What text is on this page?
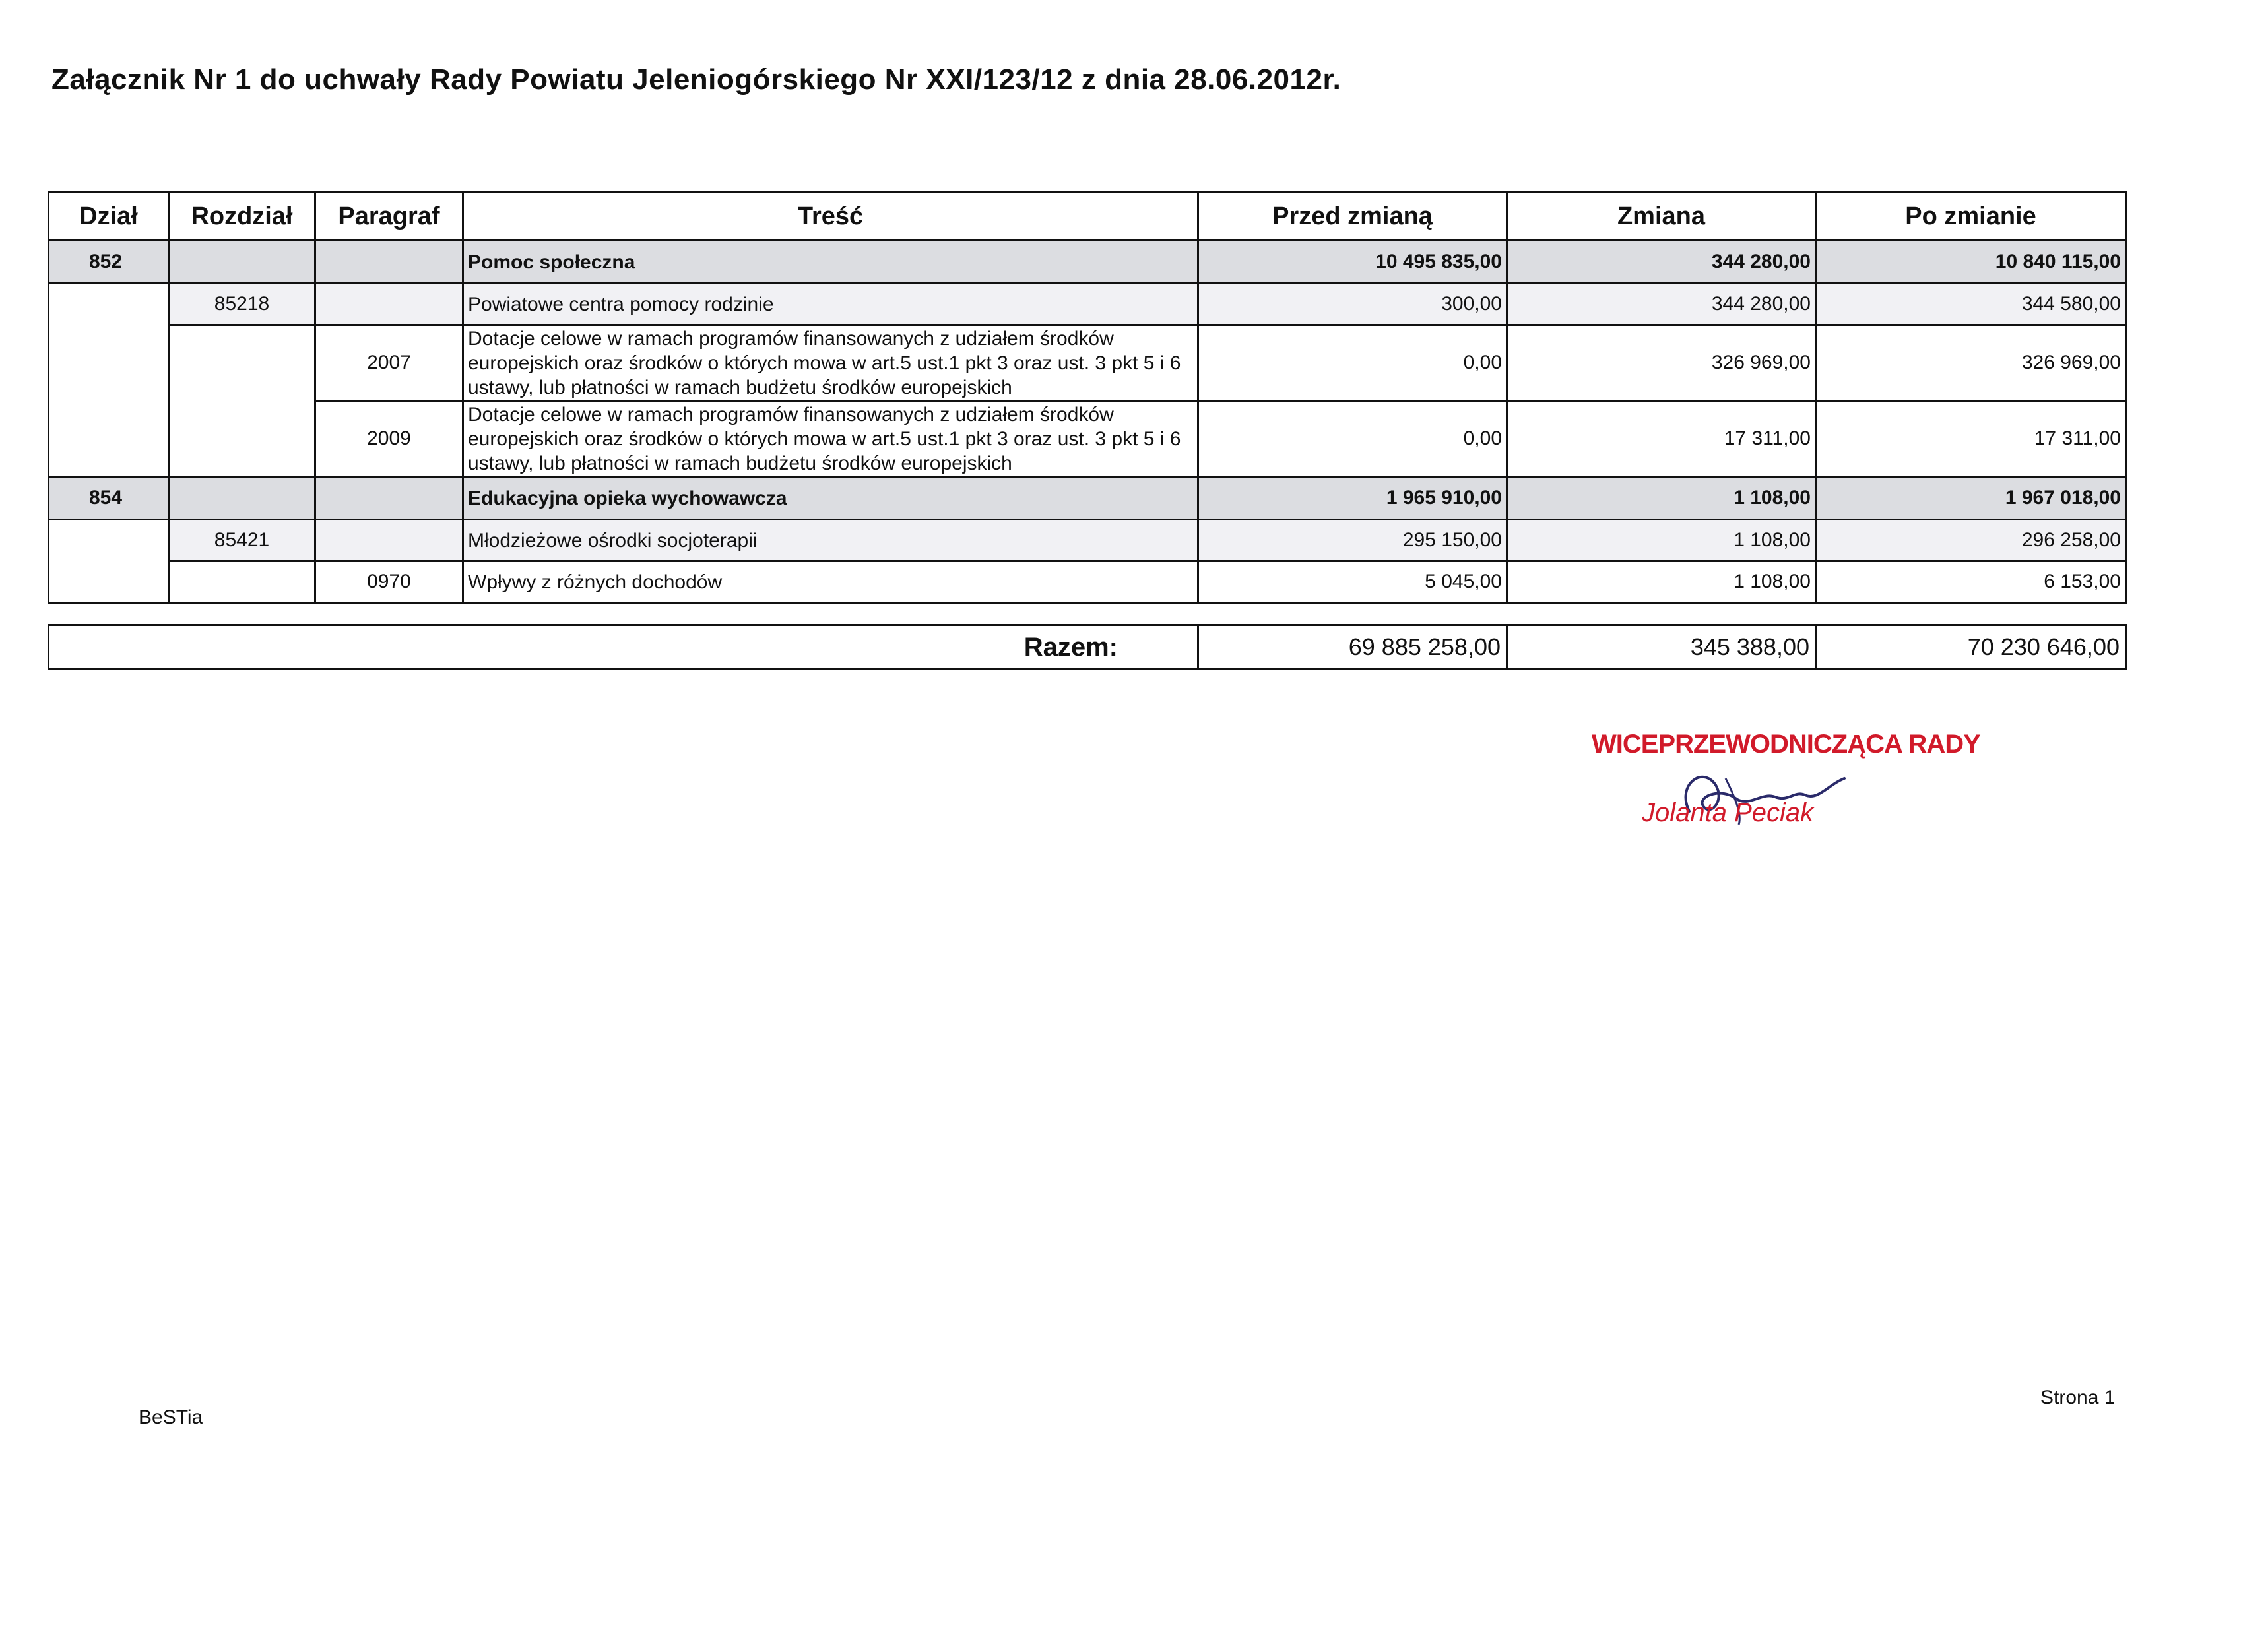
Załącznik Nr 1 do uchwały Rady Powiatu Jeleniogórskiego Nr XXI/123/12 z dnia 28.06.2012r.
Dział	Rozdział	Paragraf	Treść	Przed zmianą	Zmiana	Po zmianie
852			Pomoc społeczna	10 495 835,00	344 280,00	10 840 115,00
	85218		Powiatowe centra pomocy rodzinie	300,00	344 280,00	344 580,00
		2007	Dotacje celowe w ramach programów finansowanych z udziałem środków europejskich oraz środków o których mowa w art.5 ust.1 pkt 3 oraz ust. 3 pkt 5 i 6 ustawy, lub płatności w ramach budżetu środków europejskich	0,00	326 969,00	326 969,00
		2009	Dotacje celowe w ramach programów finansowanych z udziałem środków europejskich oraz środków o których mowa w art.5 ust.1 pkt 3 oraz ust. 3 pkt 5 i 6 ustawy, lub płatności w ramach budżetu środków europejskich	0,00	17 311,00	17 311,00
854			Edukacyjna opieka wychowawcza	1 965 910,00	1 108,00	1 967 018,00
	85421		Młodzieżowe ośrodki socjoterapii	295 150,00	1 108,00	296 258,00
		0970	Wpływy z różnych dochodów	5 045,00	1 108,00	6 153,00
Razem:	69 885 258,00	345 388,00	70 230 646,00
WICEPRZEWODNICZĄCA RADY
Jolanta Peciak
BeSTia
Strona 1
